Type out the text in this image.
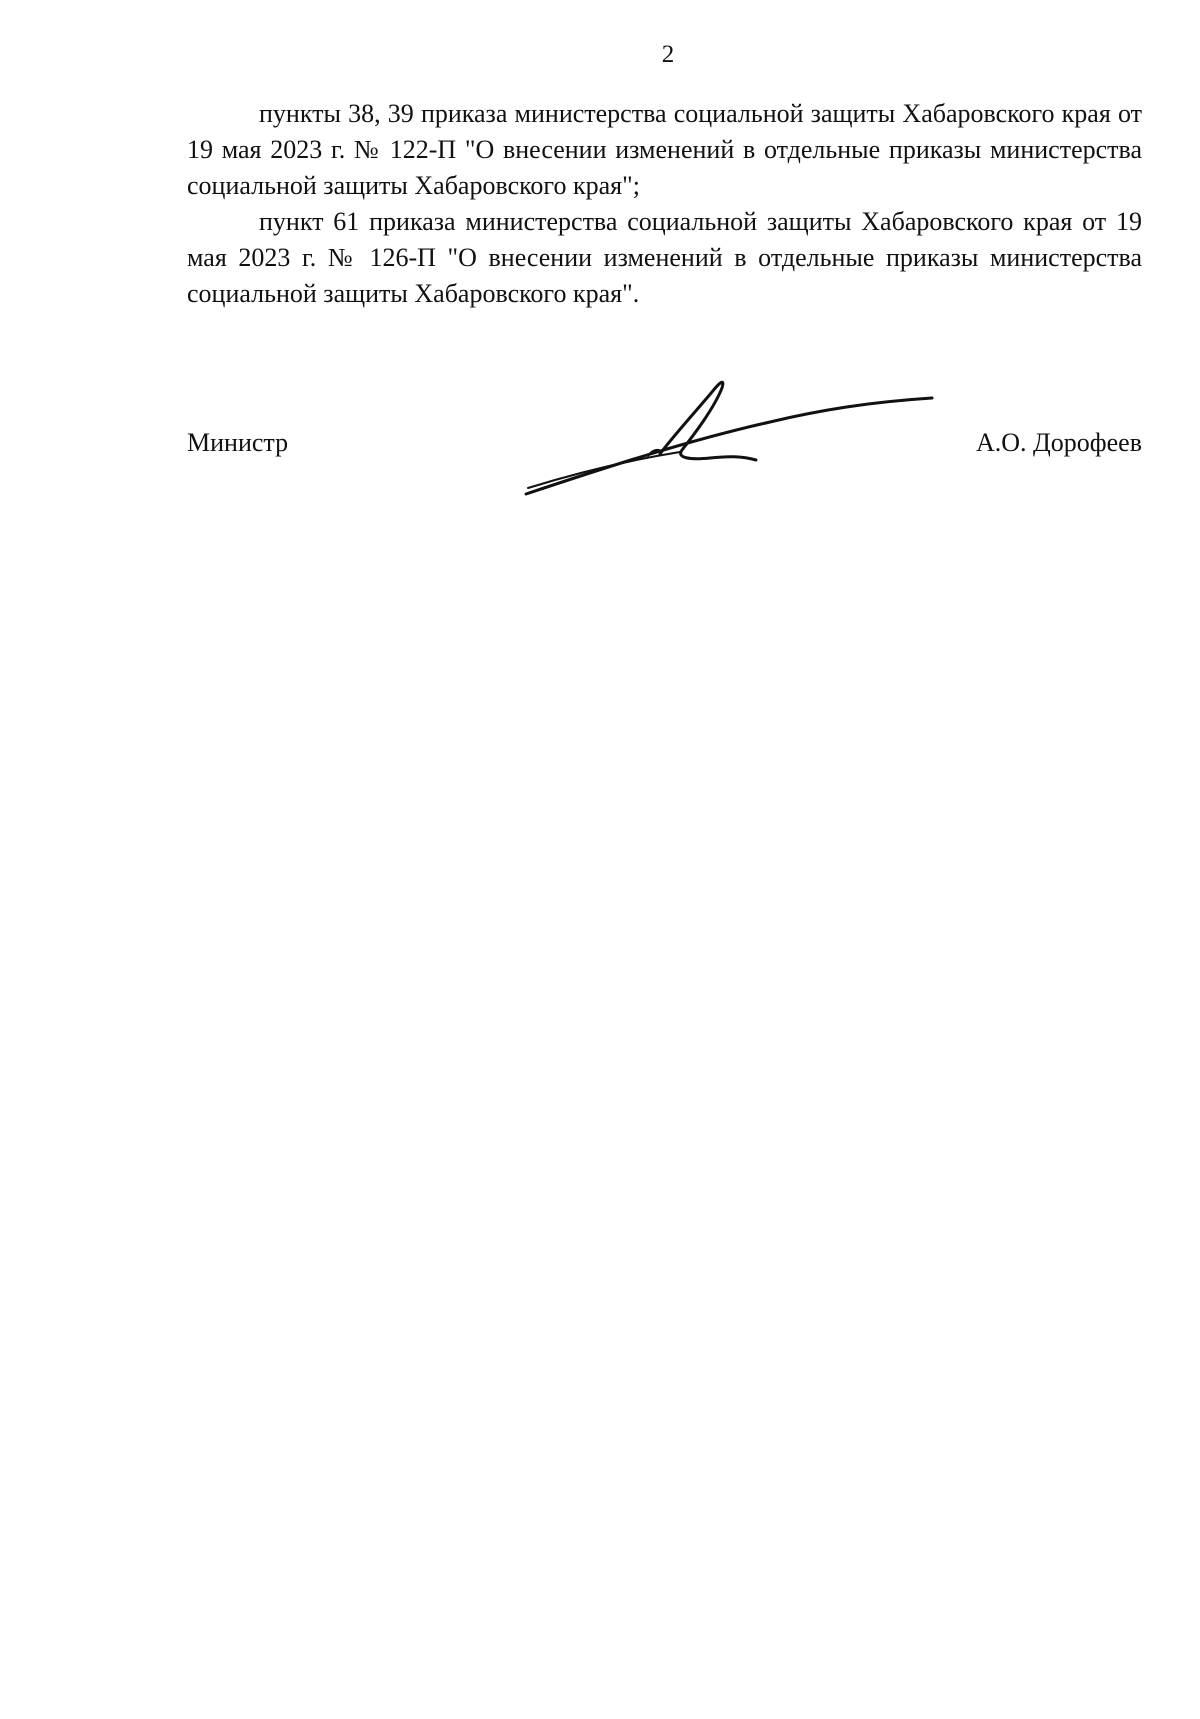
2

пункты 38, 39 приказа министерства социальной защиты Хабаровского края от 19 мая 2023 г. № 122-П "О внесении изменений в отдельные приказы министерства социальной защиты Хабаровского края";

пункт 61 приказа министерства социальной защиты Хабаровского края от 19 мая 2023 г. № 126-П "О внесении изменений в отдельные приказы министерства социальной защиты Хабаровского края".

Министр	А.О. Дорофеев
